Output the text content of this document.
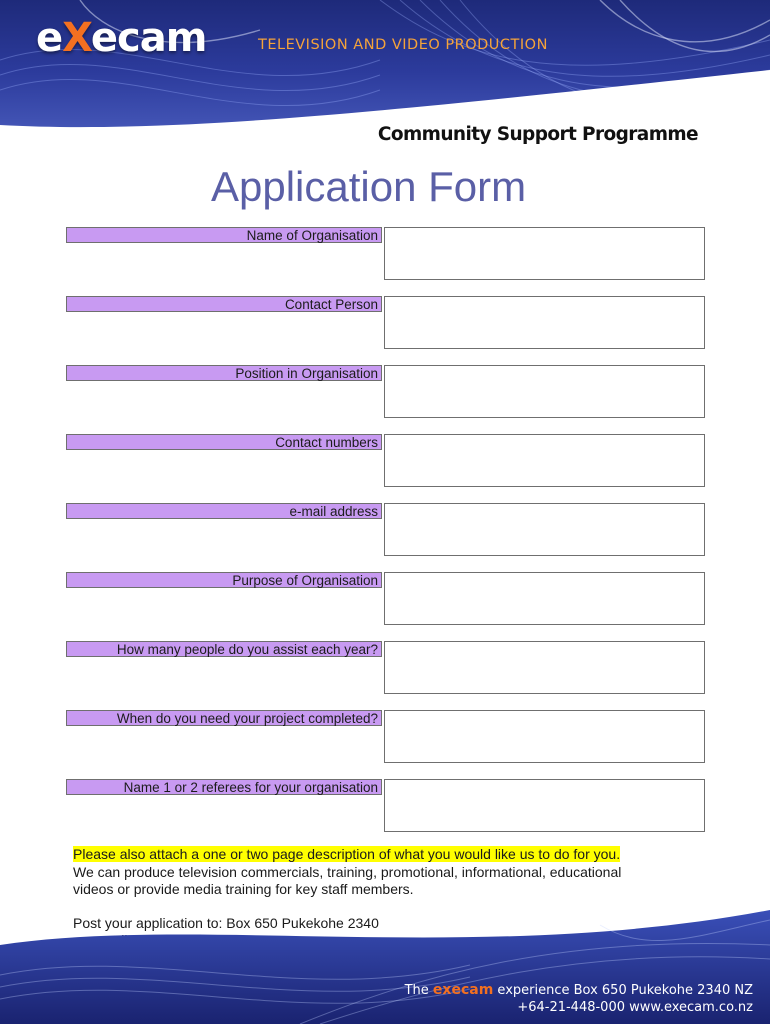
eXecam	TELEVISION AND VIDEO PRODUCTION
Community Support Programme
Application Form
Name of Organisation
Contact Person
Position in Organisation
Contact numbers
e-mail address
Purpose of Organisation
How many people do you assist each year?
When do you need your project completed?
Name 1 or 2 referees for your organisation

Please also attach a one or two page description of what you would like us to do for you.

We can produce television commercials, training, promotional, informational, educational

videos or provide media training for key staff members.

Post your application to: Box 650 Pukekohe 2340

The execam experience Box 650 Pukekohe 2340 NZ
+64-21-448-000 www.execam.co.nz
